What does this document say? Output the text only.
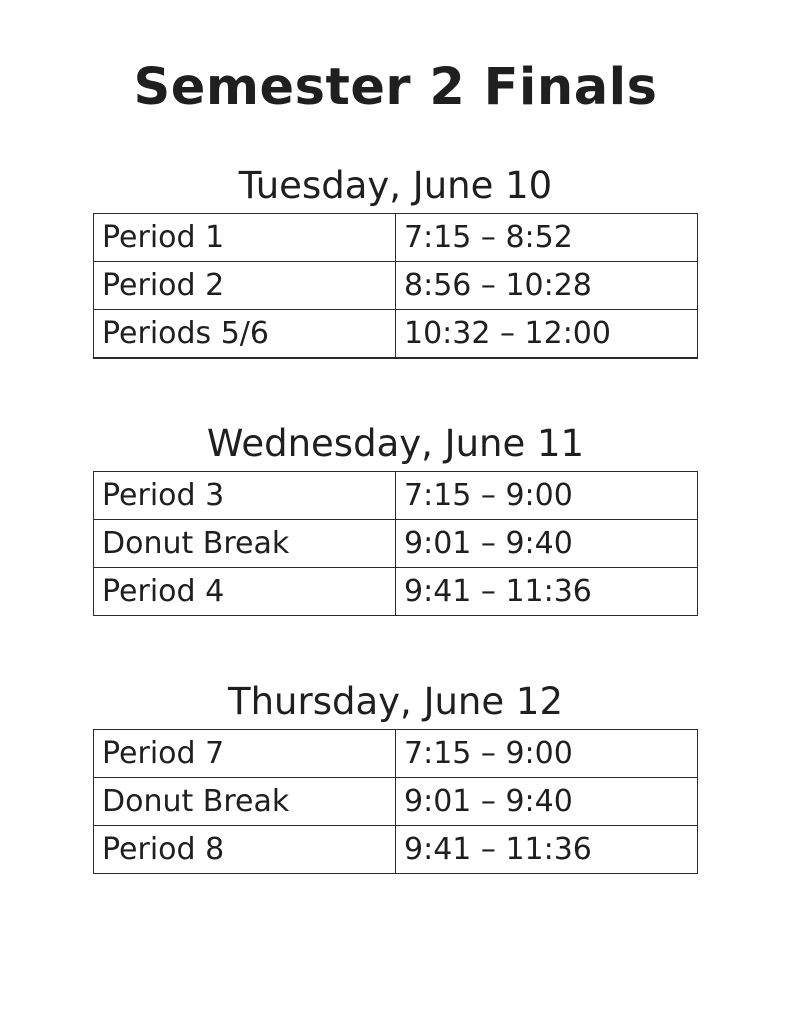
Semester 2 Finals
Tuesday, June 10
Period 1	7:15 – 8:52
Period 2	8:56 – 10:28
Periods 5/6	10:32 – 12:00
Wednesday, June 11
Period 3	7:15 – 9:00
Donut Break	9:01 – 9:40
Period 4	9:41 – 11:36
Thursday, June 12
Period 7	7:15 – 9:00
Donut Break	9:01 – 9:40
Period 8	9:41 – 11:36
